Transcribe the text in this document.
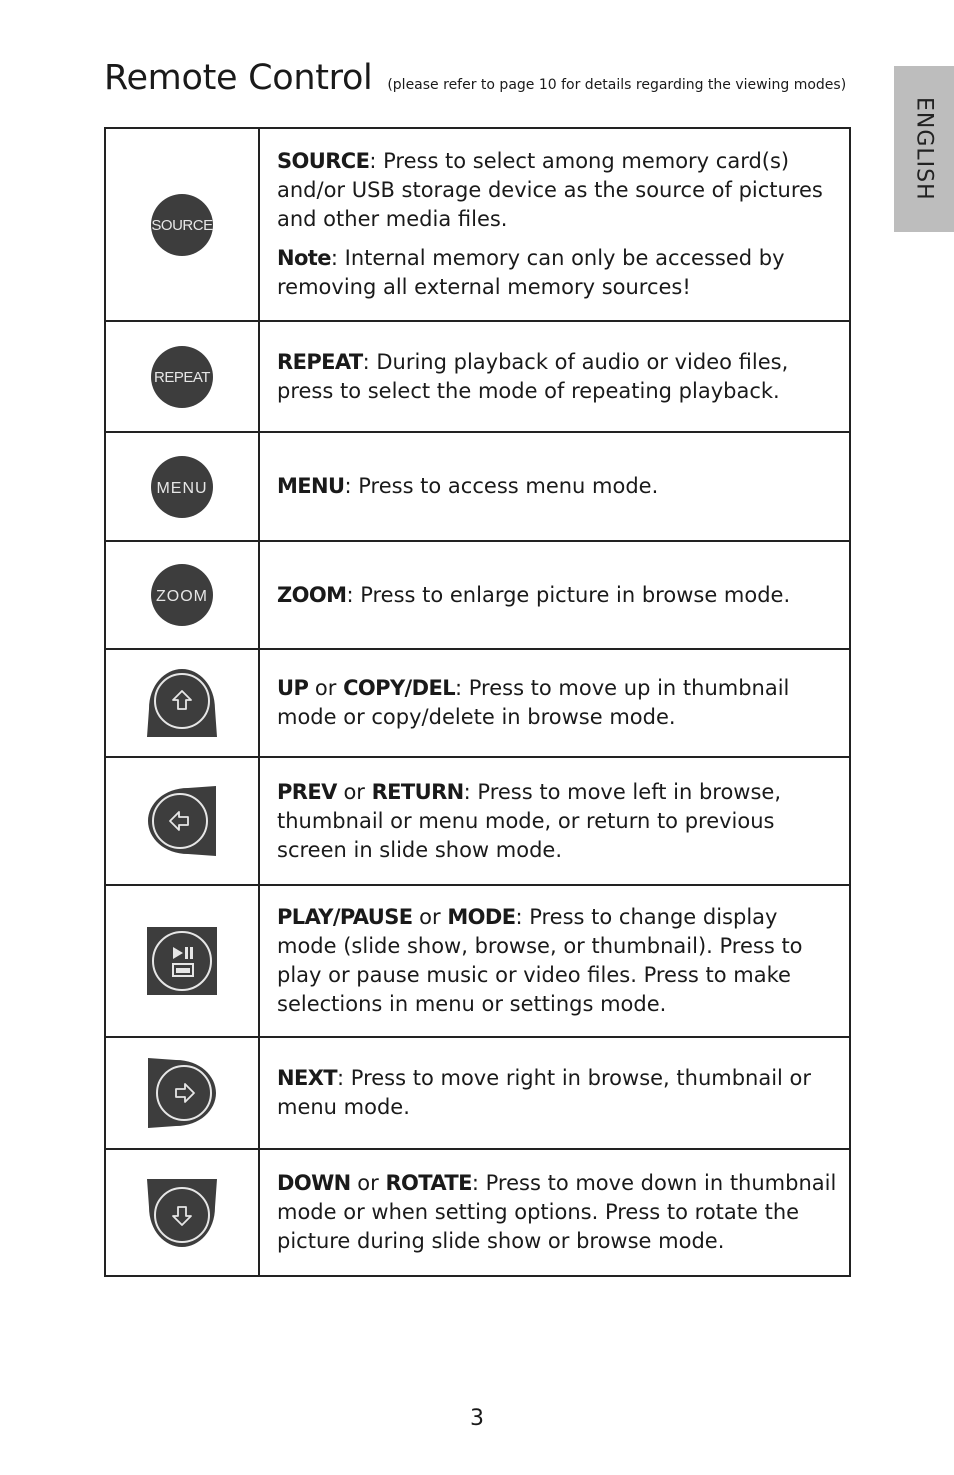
Remote Control (please refer to page 10 for details regarding the viewing modes)
ENGLISH
SOURCE	SOURCE: Press to select among memory card(s) and/or USB storage device as the source of pictures and other media files.

Note: Internal memory can only be accessed by removing all external memory sources!

REPEAT	REPEAT: During playback of audio or video files, press to select the mode of repeating playback.

MENU	MENU: Press to access menu mode.

ZOOM	ZOOM: Press to enlarge picture in browse mode.

UP or COPY/DEL: Press to move up in thumbnail mode or copy/delete in browse mode.

PREV or RETURN: Press to move left in browse, thumbnail or menu mode, or return to previous screen in slide show mode.

PLAY/PAUSE or MODE: Press to change display mode (slide show, browse, or thumbnail). Press to play or pause music or video files. Press to make selections in menu or settings mode.

NEXT: Press to move right in browse, thumbnail or menu mode.

DOWN or ROTATE: Press to move down in thumbnail mode or when setting options. Press to rotate the picture during slide show or browse mode.

3
